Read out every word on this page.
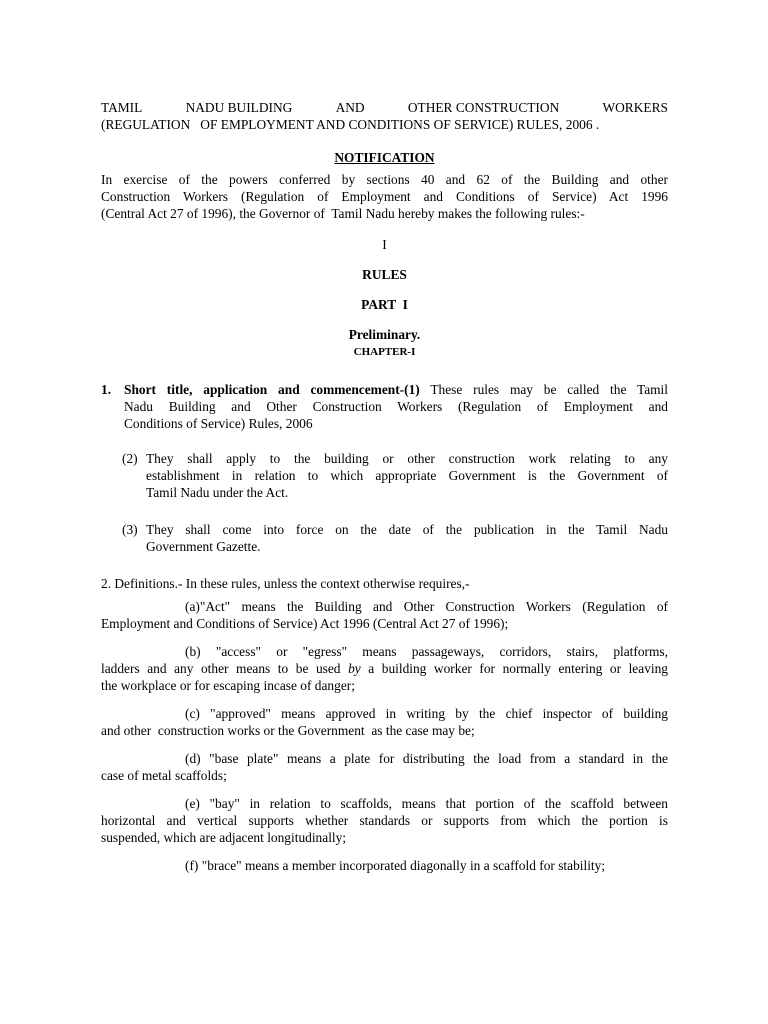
TAMIL	NADU BUILDING	AND	OTHER CONSTRUCTION	WORKERS
(REGULATION   OF EMPLOYMENT AND CONDITIONS OF SERVICE) RULES, 2006 .

NOTIFICATION

In exercise of the powers conferred by sections 40 and 62 of the Building and other
Construction Workers (Regulation of Employment and Conditions of Service) Act 1996
(Central Act 27 of 1996), the Governor of  Tamil Nadu hereby makes the following rules:-

I

RULES

PART  I

Preliminary.

CHAPTER-I

1. Short title, application and commencement-(1) These rules may be called the Tamil
Nadu Building and Other Construction Workers (Regulation of Employment and
Conditions of Service) Rules, 2006
(2) They shall apply to the building or other construction work relating to any
establishment in relation to which appropriate Government is the Government of
Tamil Nadu under the Act.
(3) They shall come into force on the date of the publication in the Tamil Nadu
Government Gazette.

2. Definitions.- In these rules, unless the context otherwise requires,-

(a)"Act" means the Building and Other Construction Workers (Regulation of
Employment and Conditions of Service) Act 1996 (Central Act 27 of 1996);
(b) "access" or "egress" means passageways, corridors, stairs, platforms,
ladders and any other means to be used by a building worker for normally entering or leaving
the workplace or for escaping incase of danger;
(c) "approved" means approved in writing by the chief inspector of building
and other  construction works or the Government  as the case may be;
(d) "base plate" means a plate for distributing the load from a standard in the
case of metal scaffolds;
(e) "bay" in relation to scaffolds, means that portion of the scaffold between
horizontal and vertical supports whether standards or supports from which the portion is
suspended, which are adjacent longitudinally;
(f) "brace" means a member incorporated diagonally in a scaffold for stability;
